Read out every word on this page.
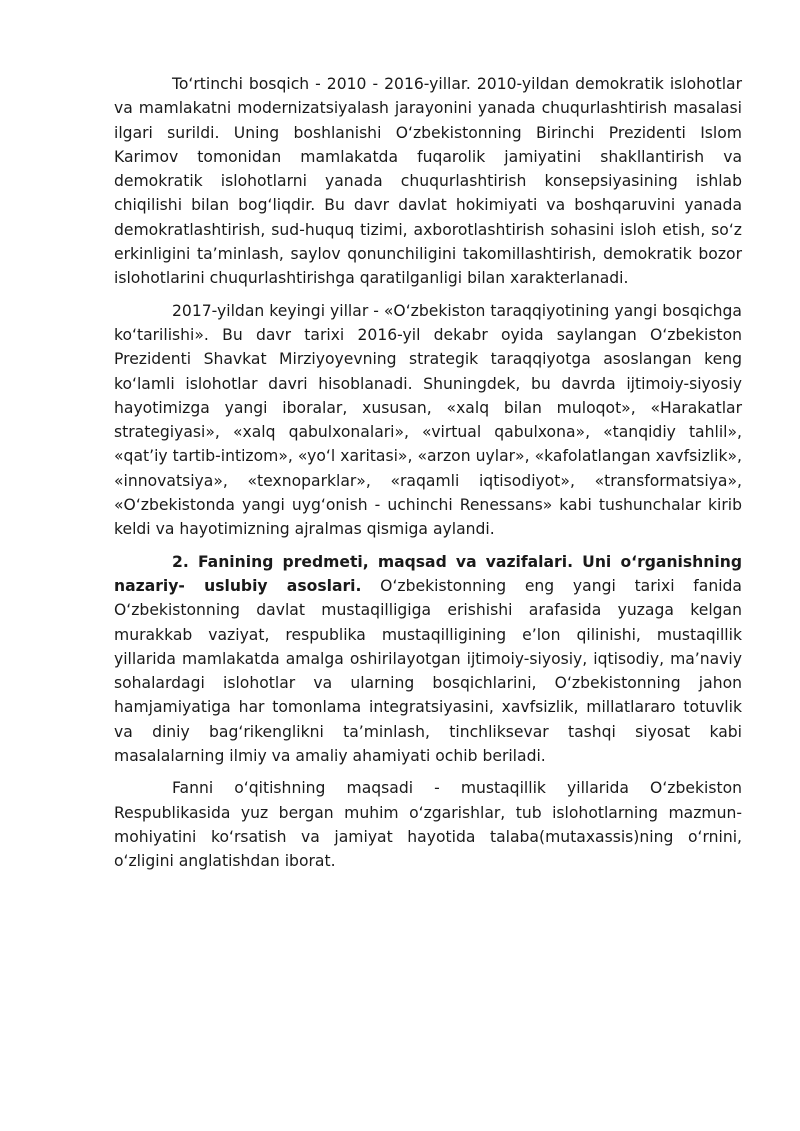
To‘rtinchi bosqich - 2010 - 2016-yillar. 2010-yildan demokratik islohotlar va mamlakatni modernizatsiyalash jarayonini yanada chuqurlashtirish masalasi ilgari surildi. Uning boshlanishi O‘zbekistonning Birinchi Prezidenti Islom Karimov tomonidan mamlakatda fuqarolik jamiyatini shakllantirish va demokratik islohotlarni yanada chuqurlashtirish konsepsiyasining ishlab chiqilishi bilan bog‘liqdir. Bu davr davlat hokimiyati va boshqaruvini yanada demokratlashtirish, sud-huquq tizimi, axborotlashtirish sohasini isloh etish, so‘z erkinligini ta’minlash, saylov qonunchiligini takomillashtirish, demokratik bozor islohotlarini chuqurlashtirishga qaratilganligi bilan xarakterlanadi.

2017-yildan keyingi yillar - «O‘zbekiston taraqqiyotining yangi bosqichga ko‘tarilishi». Bu davr tarixi 2016-yil dekabr oyida saylangan O‘zbekiston Prezidenti Shavkat Mirziyoyevning strategik taraqqiyotga asoslangan keng ko‘lamli islohotlar davri hisoblanadi. Shuningdek, bu davrda ijtimoiy-siyosiy hayotimizga yangi iboralar, xususan, «xalq bilan muloqot», «Harakatlar strategiyasi», «xalq qabulxonalari», «virtual qabulxona», «tanqidiy tahlil», «qat’iy tartib-intizom», «yo‘l xaritasi», «arzon uylar», «kafolatlangan xavfsizlik», «innovatsiya», «texnoparklar», «raqamli iqtisodiyot», «transformatsiya», «O‘zbekistonda yangi uyg‘onish - uchinchi Renessans» kabi tushunchalar kirib keldi va hayotimizning ajralmas qismiga aylandi.

2. Fanining predmeti, maqsad va vazifalari. Uni o‘rganishning nazariy- uslubiy asoslari. O‘zbekistonning eng yangi tarixi fanida O‘zbekistonning davlat mustaqilligiga erishishi arafasida yuzaga kelgan murakkab vaziyat, respublika mustaqilligining e’lon qilinishi, mustaqillik yillarida mamlakatda amalga oshirilayotgan ijtimoiy-siyosiy, iqtisodiy, ma’naviy sohalardagi islohotlar va ularning bosqichlarini, O‘zbekistonning jahon hamjamiyatiga har tomonlama integratsiyasini, xavfsizlik, millatlararo totuvlik va diniy bag‘rikenglikni ta’minlash, tinchliksevar tashqi siyosat kabi masalalarning ilmiy va amaliy ahamiyati ochib beriladi.

Fanni o‘qitishning maqsadi - mustaqillik yillarida O‘zbekiston Respublikasida yuz bergan muhim o‘zgarishlar, tub islohotlarning mazmun- mohiyatini ko‘rsatish va jamiyat hayotida talaba(mutaxassis)ning o‘rnini, o‘zligini anglatishdan iborat.
